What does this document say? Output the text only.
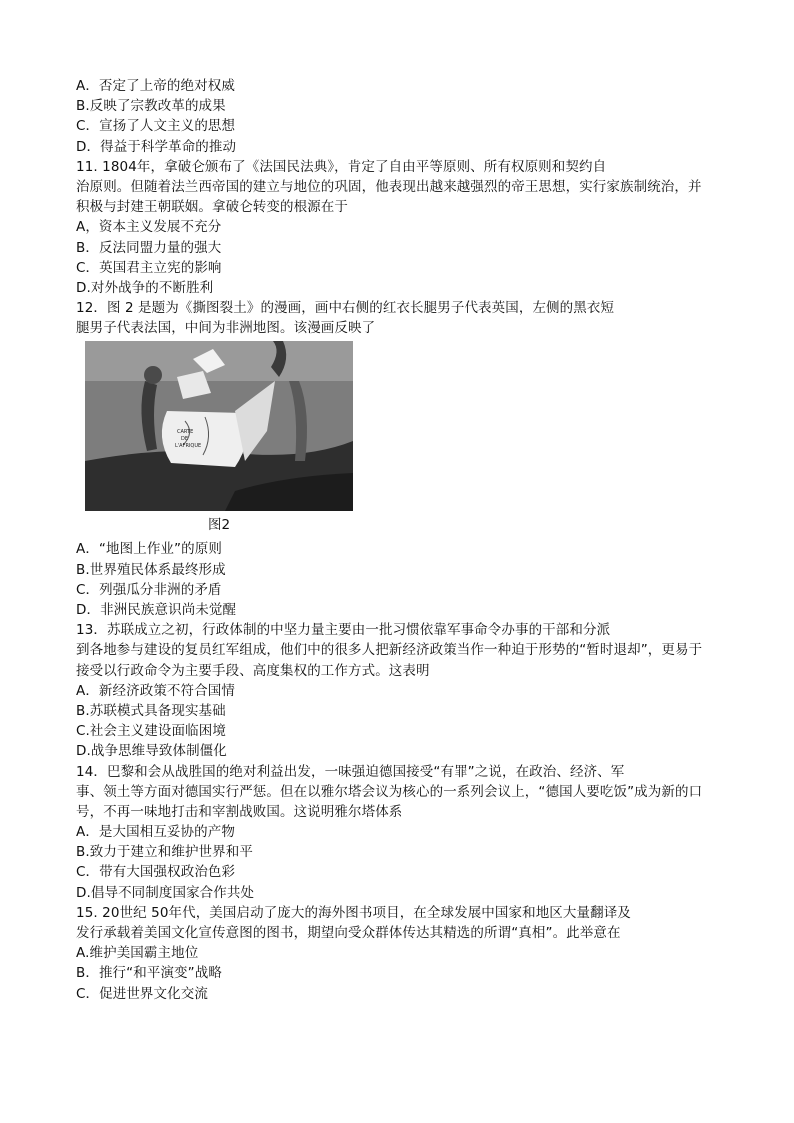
A．否定了上帝的绝对权威
B.反映了宗教改革的成果
C．宣扬了人文主义的思想
D．得益于科学革命的推动
11. 1804年，拿破仑颁布了《法国民法典》，肯定了自由平等原则、所有权原则和契约自
治原则。但随着法兰西帝国的建立与地位的巩固，他表现出越来越强烈的帝王思想，实行家族制统治，并
积极与封建王朝联姻。拿破仑转变的根源在于
A，资本主义发展不充分
B．反法同盟力量的强大
C．英国君主立宪的影响
D.对外战争的不断胜利
12．图 2 是题为《撕图裂土》的漫画，画中右侧的红衣长腿男子代表英国，左侧的黑衣短
腿男子代表法国，中间为非洲地图。该漫画反映了
CARTE
DE
L'AFRIQUE
图2
A．“地图上作业”的原则
B.世界殖民体系最终形成
C．列强瓜分非洲的矛盾
D．非洲民族意识尚未觉醒
13．苏联成立之初，行政体制的中坚力量主要由一批习惯依靠军事命令办事的干部和分派
到各地参与建设的复员红军组成，他们中的很多人把新经济政策当作一种迫于形势的“暂时退却”，更易于
接受以行政命令为主要手段、高度集权的工作方式。这表明
A．新经济政策不符合国情
B.苏联模式具备现实基础
C.社会主义建设面临困境
D.战争思维导致体制僵化
14．巴黎和会从战胜国的绝对利益出发，一味强迫德国接受“有罪”之说，在政治、经济、军
事、领土等方面对德国实行严惩。但在以雅尔塔会议为核心的一系列会议上，“德国人要吃饭”成为新的口
号，不再一味地打击和宰割战败国。这说明雅尔塔体系
A．是大国相互妥协的产物
B.致力于建立和维护世界和平
C．带有大国强权政治色彩
D.倡导不同制度国家合作共处
15. 20世纪 50年代，美国启动了庞大的海外图书项目，在全球发展中国家和地区大量翻译及
发行承载着美国文化宣传意图的图书，期望向受众群体传达其精选的所谓“真相”。此举意在
A.维护美国霸主地位
B．推行“和平演变”战略
C．促进世界文化交流
